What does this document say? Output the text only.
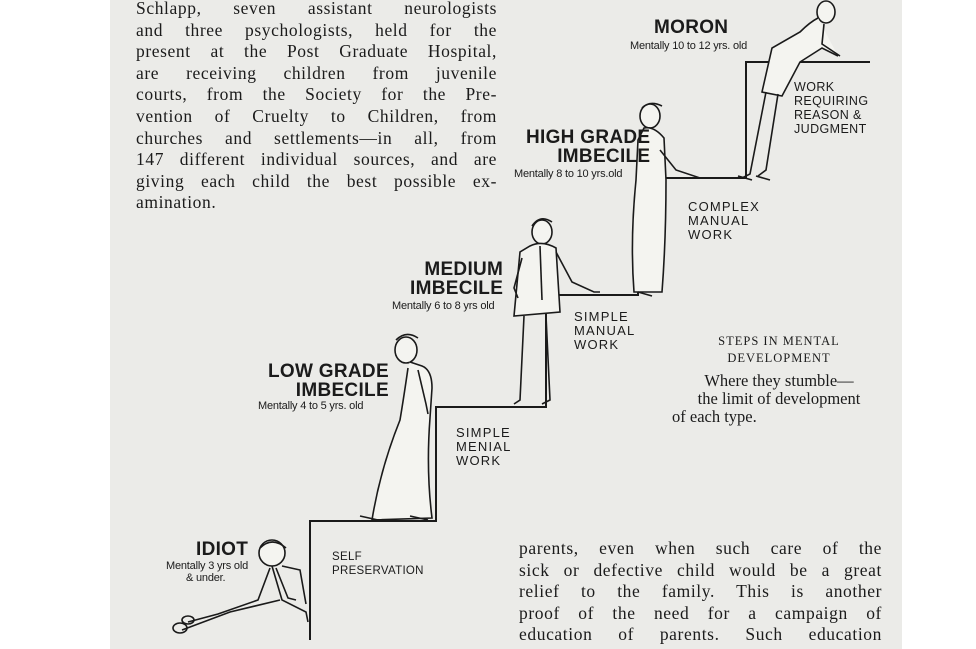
Schlapp, seven assistant neurologists
and three psychologists, held for the
present at the Post Graduate Hospital,
are receiving children from juvenile
courts, from the Society for the Pre-
vention of Cruelty to Children, from
churches and settlements—in all, from
147 different individual sources, and are
giving each child the best possible ex-
amination.
MORON
Mentally 10 to 12 yrs. old
WORK
REQUIRING
REASON &
JUDGMENT
HIGH GRADE
IMBECILE
Mentally 8 to 10 yrs.old
COMPLEX
MANUAL
WORK
MEDIUM
IMBECILE
Mentally 6 to 8 yrs old
SIMPLE
MANUAL
WORK
LOW GRADE
IMBECILE
Mentally 4 to 5 yrs. old
SIMPLE
MENIAL
WORK
IDIOT
Mentally 3 yrs old
& under.
SELF
PRESERVATION
STEPS IN MENTAL
DEVELOPMENT
Where they stumble—
the limit of development
of each type.
parents, even when such care of the
sick or defective child would be a great
relief to the family. This is another
proof of the need for a campaign of
education of parents. Such education
